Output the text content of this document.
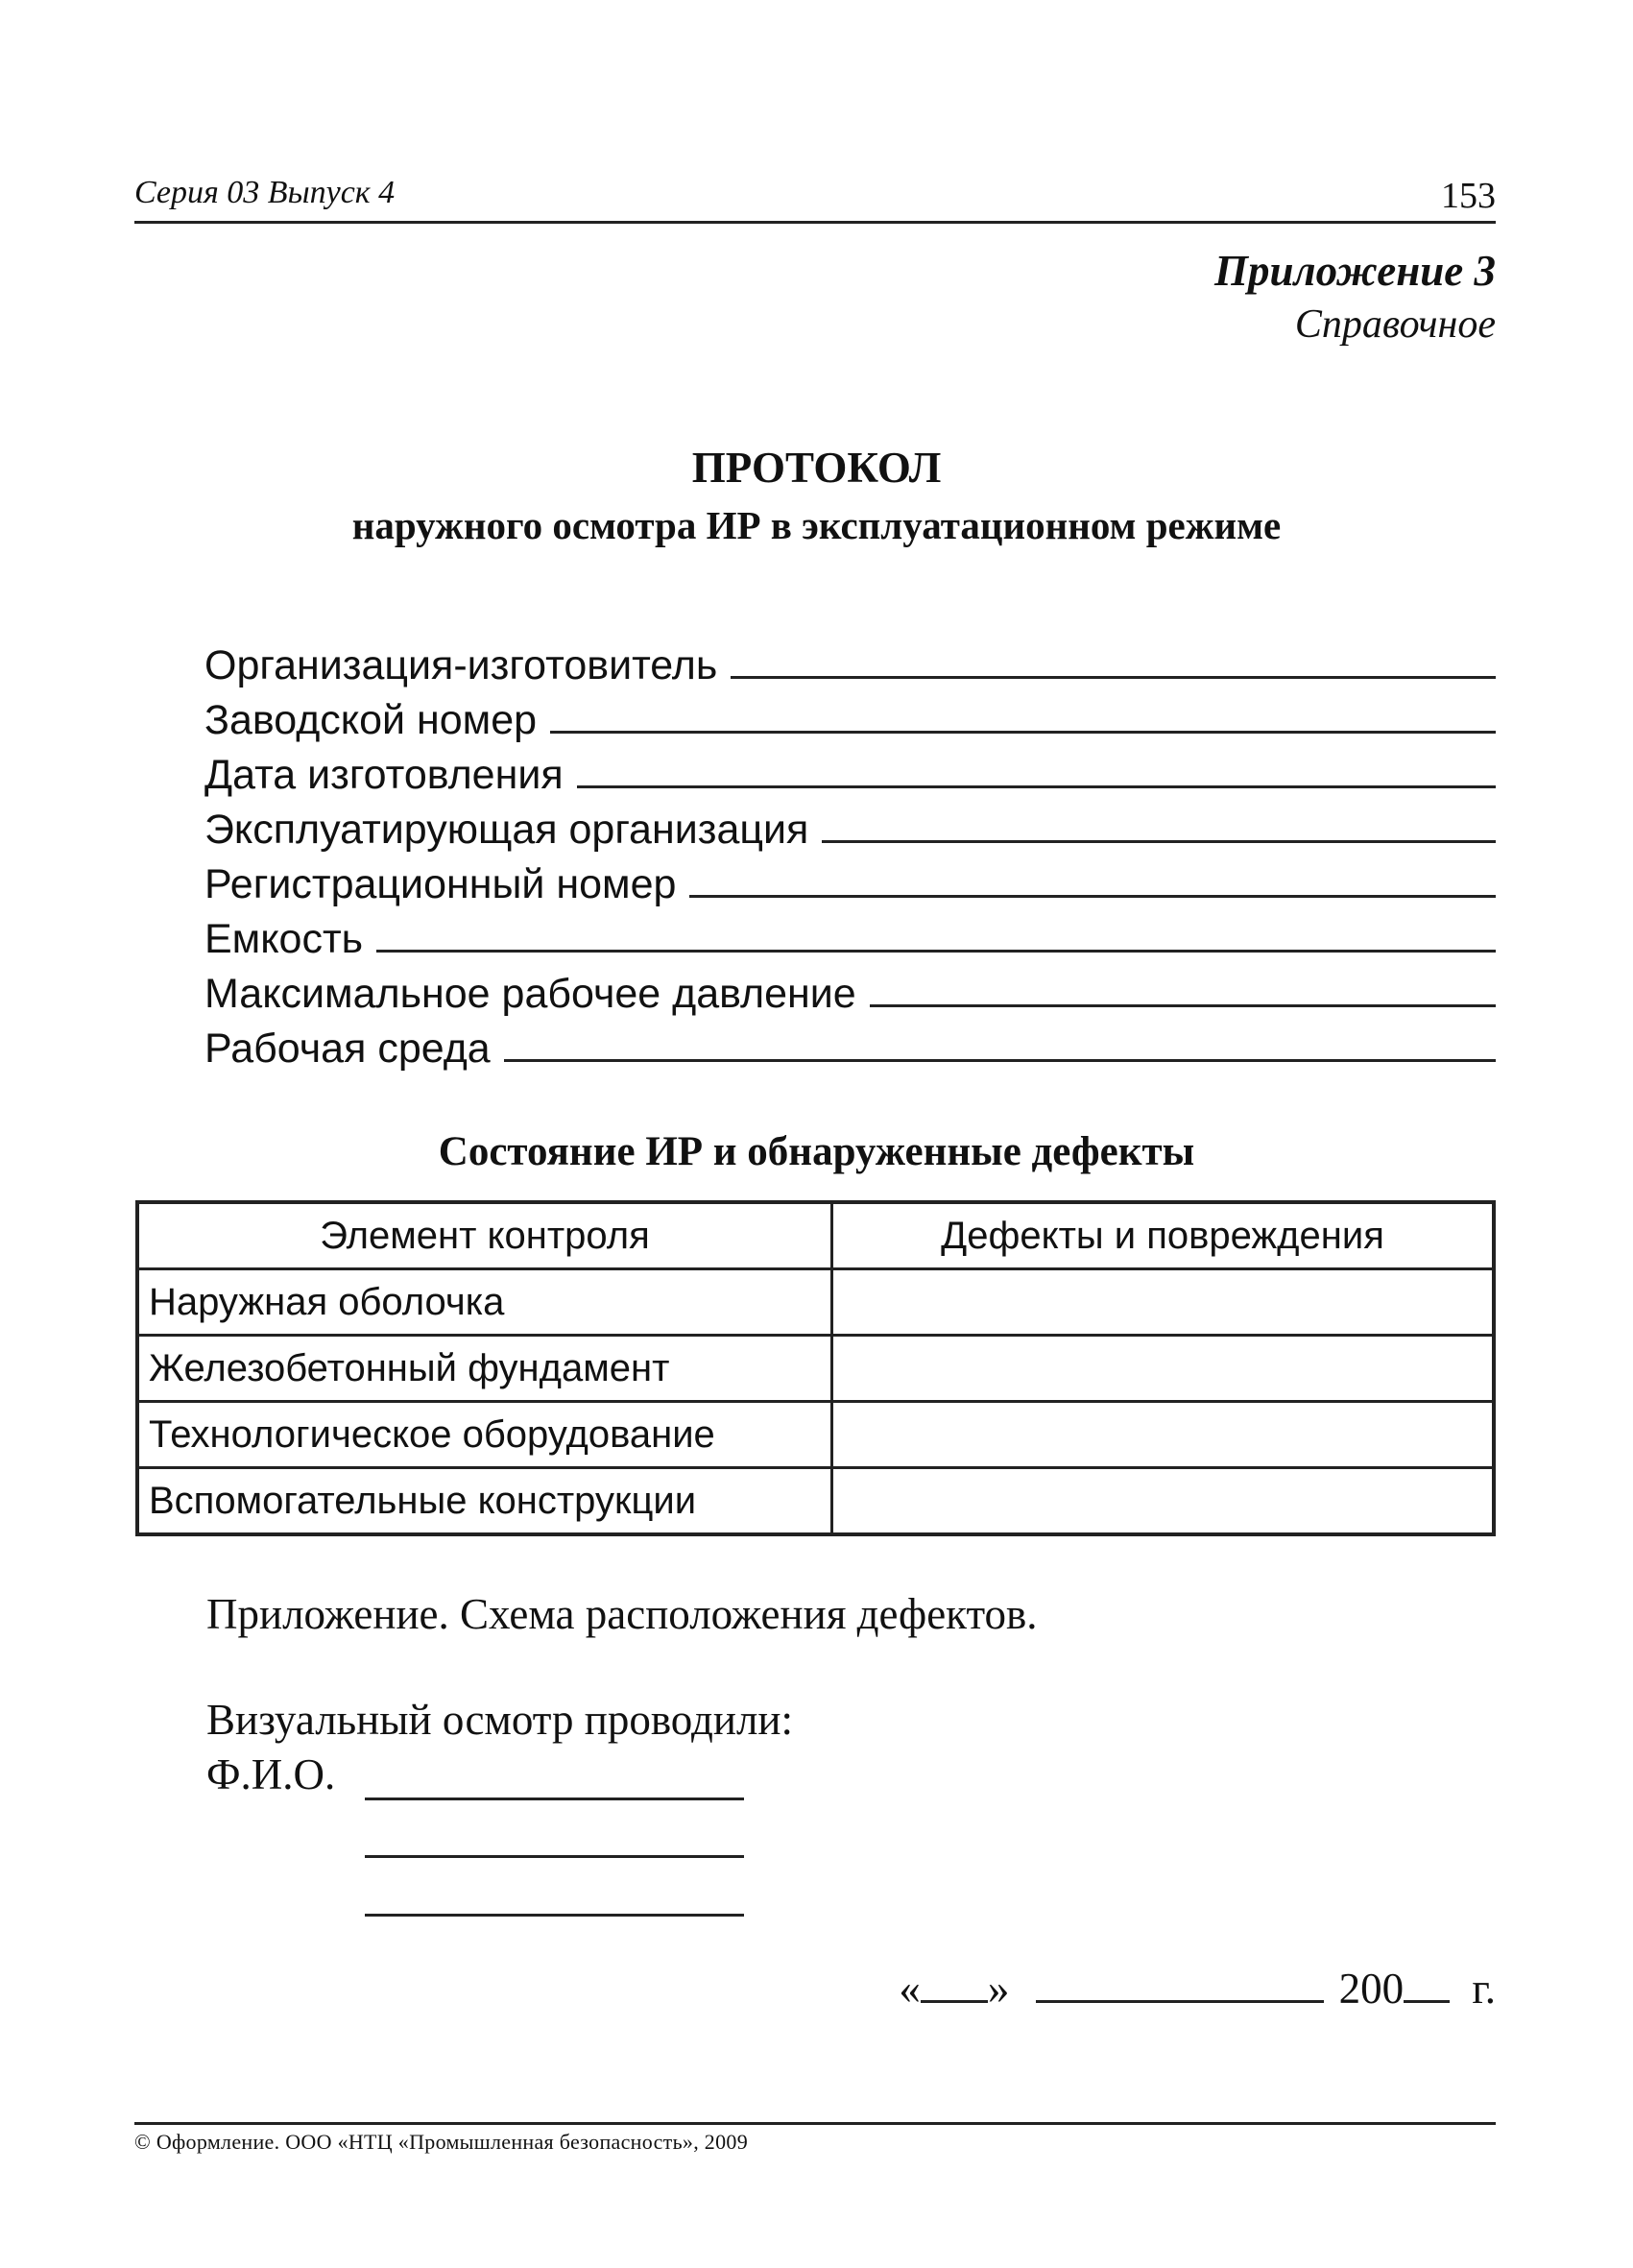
Серия 03 Выпуск 4	153
Приложение 3
Справочное
ПРОТОКОЛ
наружного осмотра ИР в эксплуатационном режиме
Организация-изготовитель
Заводской номер
Дата изготовления
Эксплуатирующая организация
Регистрационный номер
Емкость
Максимальное рабочее давление
Рабочая среда
Состояние ИР и обнаруженные дефекты
Элемент контроля	Дефекты и повреждения
Наружная оболочка	
Железобетонный фундамент	
Технологическое оборудование	
Вспомогательные конструкции	
Приложение. Схема расположения дефектов.
Визуальный осмотр проводили:
Ф.И.О.
« »	200 г.
© Оформление. ООО «НТЦ «Промышленная безопасность», 2009
